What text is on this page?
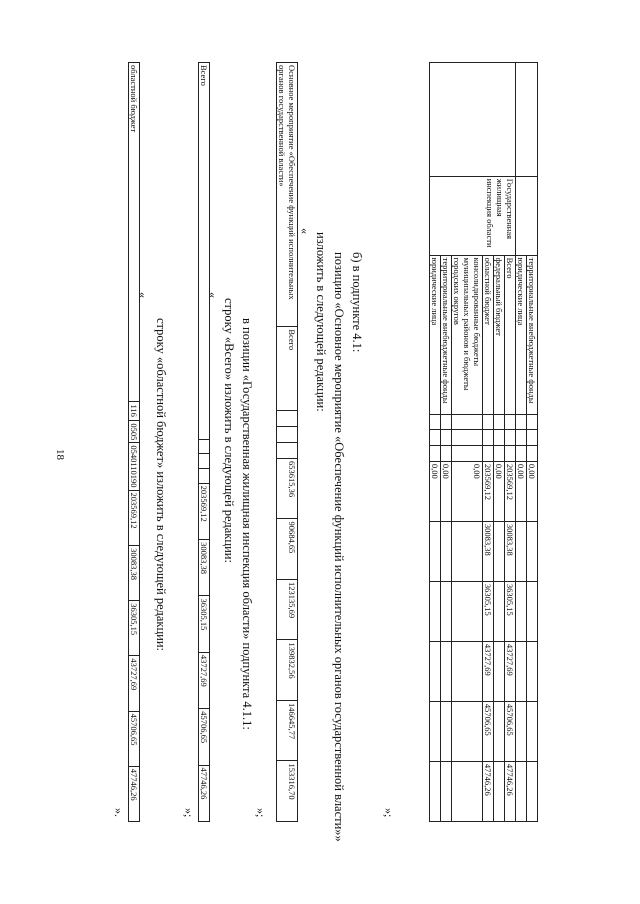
18
		территориальные внебюджетные фонды				0,00					
		юридические лица				0,00					
	Государственная жилищная инспекция области	Всего				203569,12	30083,38	36305,15	43727,69	45706,65	47746,26
		федеральный бюджет				0,00					
		областной бюджет				203569,12	30083,38	36305,15	43727,69	45706,65	47746,26
		консолидированные бюджеты муниципальных районов и бюджеты городских округов				0,00					
		территориальные внебюджетные фонды				0,00					
		юридические лица				0,00					
»;
б) в подпункте 4.1:
позицию «Основное мероприятие «Обеспечение функций исполнительных органов государственной власти»»
изложить в следующей редакции:
«
Основное мероприятие «Обеспечение функций исполнительных органов государственной власти»	Всего				653615,36	90684,65	123135,69	139832,56	146645,77	153316,70
»;
в позиции «Государственная жилищная инспекция области» подпункта 4.1.1:
строку «Всего» изложить в следующей редакции:
«
Всего				203569,12	30083,38	36305,15	43727,69	45706,65	47746,26
»;
строку «областной бюджет» изложить в следующей редакции:
«
областной бюджет	116	0505	0540110190	203569,12	30083,38	36305,15	43727,69	45706,65	47746,26
».
